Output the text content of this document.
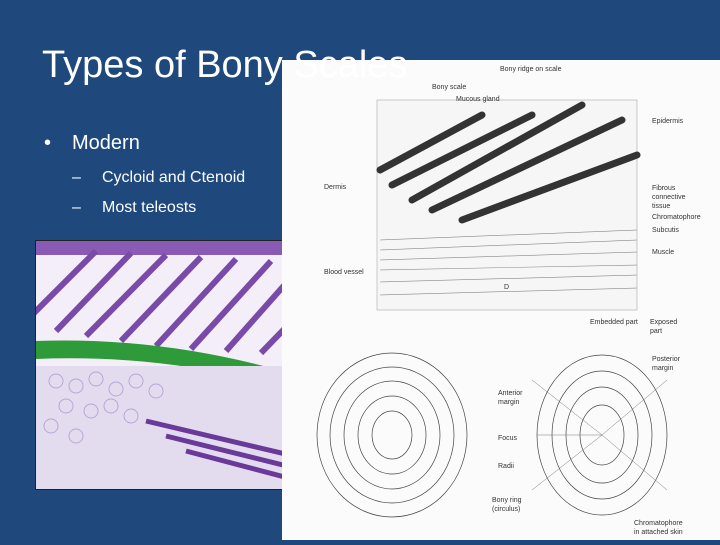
Bony ridge on scale
Bony scale
Mucous gland
Epidermis
Dermis	Fibrous
connective
tissue
Chromatophore
Subcutis
Muscle
Blood vessel
D
Embedded part Exposed
part
Posterior
margin
Anterior
margin
Focus
Radii
Bony ring
(circulus)
Chromatophore
in attached skin
Types of Bony Scales
•	Modern
–	Cycloid and Ctenoid
–	Most teleosts
